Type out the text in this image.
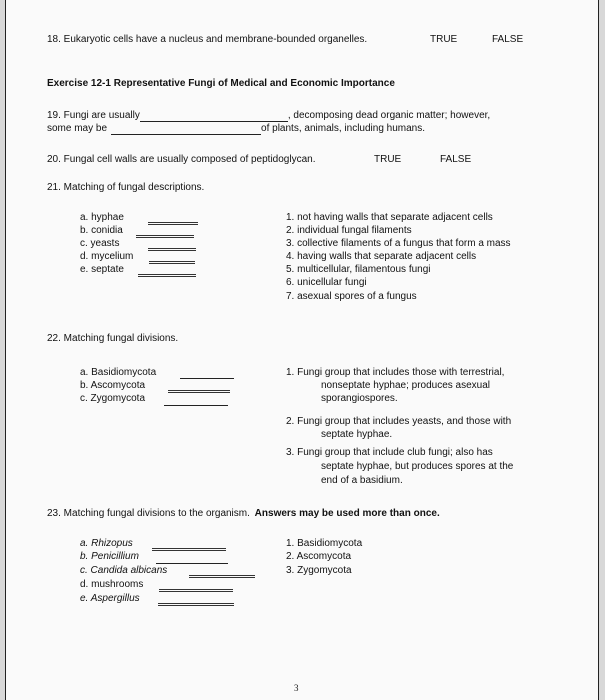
18. Eukaryotic cells have a nucleus and membrane-bounded organelles.	TRUE	FALSE
Exercise 12-1 Representative Fungi of Medical and Economic Importance
19. Fungi are usually	, decomposing dead organic matter; however,
some may be	of plants, animals, including humans.
20. Fungal cell walls are usually composed of peptidoglycan.	TRUE	FALSE
21. Matching of fungal descriptions.
a. hyphae
b. conidia
c. yeasts
d. mycelium
e. septate
1. not having walls that separate adjacent cells
2. individual fungal filaments
3. collective filaments of a fungus that form a mass
4. having walls that separate adjacent cells
5. multicellular, filamentous fungi
6. unicellular fungi
7. asexual spores of a fungus
22. Matching fungal divisions.
a. Basidiomycota
b. Ascomycota
c. Zygomycota
1. Fungi group that includes those with terrestrial,
nonseptate hyphae; produces asexual
sporangiospores.
2. Fungi group that includes yeasts, and those with
septate hyphae.
3. Fungi group that include club fungi; also has
septate hyphae, but produces spores at the
end of a basidium.
23. Matching fungal divisions to the organism. Answers may be used more than once.
a. Rhizopus
b. Penicillium
c. Candida albicans
d. mushrooms
e. Aspergillus
1. Basidiomycota
2. Ascomycota
3. Zygomycota
3
